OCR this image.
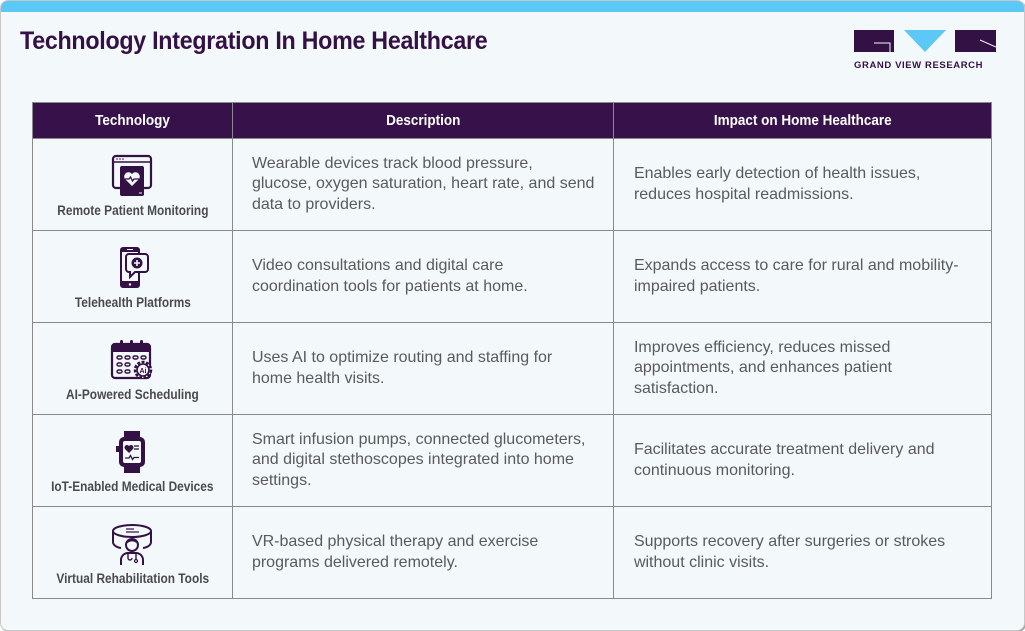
Technology Integration In Home Healthcare
GRAND VIEW RESEARCH
Technology	Description	Impact on Home Healthcare

Remote Patient Monitoring	Wearable devices track blood pressure, glucose, oxygen saturation, heart rate, and send data to providers.	Enables early detection of health issues, reduces hospital readmissions.

Telehealth Platforms	Video consultations and digital care coordination tools for patients at home.	Expands access to care for rural and mobility-impaired patients.

Ai
AI-Powered Scheduling	Uses AI to optimize routing and staffing for home health visits.	Improves efficiency, reduces missed appointments, and enhances patient satisfaction.

IoT-Enabled Medical Devices	Smart infusion pumps, connected glucometers, and digital stethoscopes integrated into home settings.	Facilitates accurate treatment delivery and continuous monitoring.

Virtual Rehabilitation Tools	VR-based physical therapy and exercise programs delivered remotely.	Supports recovery after surgeries or strokes without clinic visits.
